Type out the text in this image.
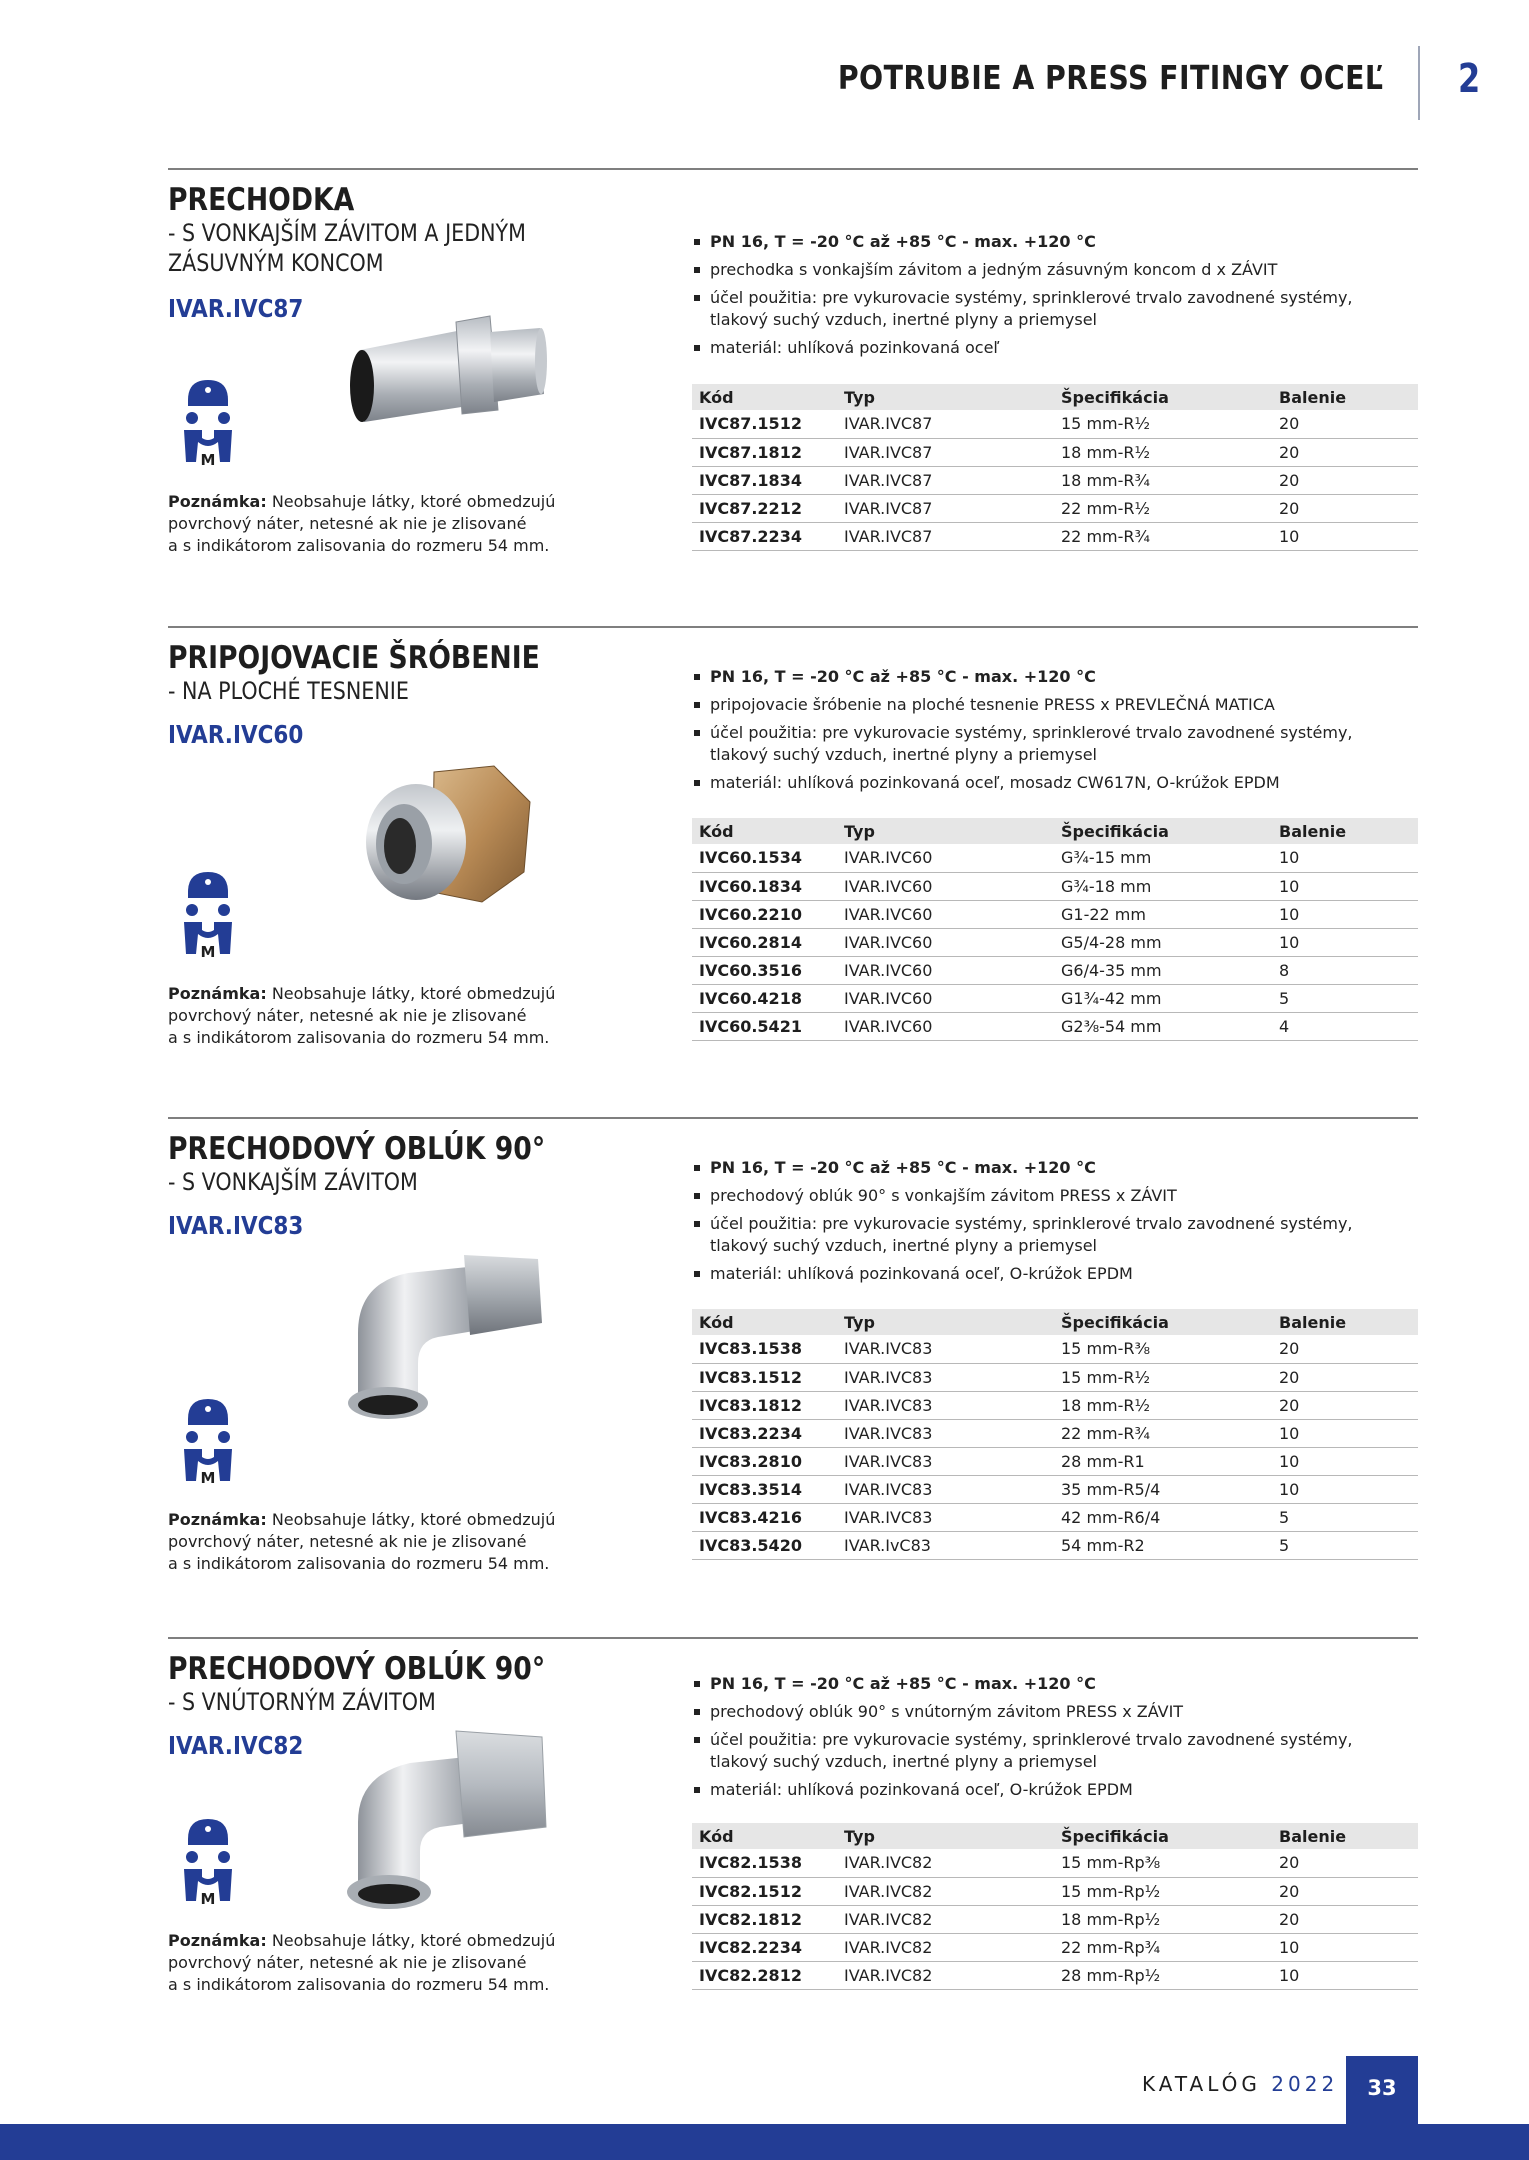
POTRUBIE A PRESS FITINGY OCEĽ 2
PRECHODKA
- S VONKAJŠÍM ZÁVITOM A JEDNÝM
ZÁSUVNÝM KONCOM
IVAR.IVC87
M
Poznámka: Neobsahuje látky, ktoré obmedzujú
povrchový náter, netesné ak nie je zlisované
a s indikátorom zalisovania do rozmeru 54 mm.
PN 16, T = -20 °C až +85 °C - max. +120 °C
prechodka s vonkajším závitom a jedným zásuvným koncom d x ZÁVIT
účel použitia: pre vykurovacie systémy, sprinklerové trvalo zavodnené systémy,
tlakový suchý vzduch, inertné plyny a priemysel
materiál: uhlíková pozinkovaná oceľ
Kód	Typ	Špecifikácia	Balenie
IVC87.1512	IVAR.IVC87	15 mm-R½	20
IVC87.1812	IVAR.IVC87	18 mm-R½	20
IVC87.1834	IVAR.IVC87	18 mm-R¾	20
IVC87.2212	IVAR.IVC87	22 mm-R½	20
IVC87.2234	IVAR.IVC87	22 mm-R¾	10
PRIPOJOVACIE ŠRÓBENIE
- NA PLOCHÉ TESNENIE
IVAR.IVC60
M
Poznámka: Neobsahuje látky, ktoré obmedzujú
povrchový náter, netesné ak nie je zlisované
a s indikátorom zalisovania do rozmeru 54 mm.
PN 16, T = -20 °C až +85 °C - max. +120 °C
pripojovacie šróbenie na ploché tesnenie PRESS x PREVLEČNÁ MATICA
účel použitia: pre vykurovacie systémy, sprinklerové trvalo zavodnené systémy,
tlakový suchý vzduch, inertné plyny a priemysel
materiál: uhlíková pozinkovaná oceľ, mosadz CW617N, O-krúžok EPDM
Kód	Typ	Špecifikácia	Balenie
IVC60.1534	IVAR.IVC60	G¾-15 mm	10
IVC60.1834	IVAR.IVC60	G¾-18 mm	10
IVC60.2210	IVAR.IVC60	G1-22 mm	10
IVC60.2814	IVAR.IVC60	G5/4-28 mm	10
IVC60.3516	IVAR.IVC60	G6/4-35 mm	8
IVC60.4218	IVAR.IVC60	G1¾-42 mm	5
IVC60.5421	IVAR.IVC60	G2⅜-54 mm	4
PRECHODOVÝ OBLÚK 90°
- S VONKAJŠÍM ZÁVITOM
IVAR.IVC83
M
Poznámka: Neobsahuje látky, ktoré obmedzujú
povrchový náter, netesné ak nie je zlisované
a s indikátorom zalisovania do rozmeru 54 mm.
PN 16, T = -20 °C až +85 °C - max. +120 °C
prechodový oblúk 90° s vonkajším závitom PRESS x ZÁVIT
účel použitia: pre vykurovacie systémy, sprinklerové trvalo zavodnené systémy,
tlakový suchý vzduch, inertné plyny a priemysel
materiál: uhlíková pozinkovaná oceľ, O-krúžok EPDM
Kód	Typ	Špecifikácia	Balenie
IVC83.1538	IVAR.IVC83	15 mm-R⅜	20
IVC83.1512	IVAR.IVC83	15 mm-R½	20
IVC83.1812	IVAR.IVC83	18 mm-R½	20
IVC83.2234	IVAR.IVC83	22 mm-R¾	10
IVC83.2810	IVAR.IVC83	28 mm-R1	10
IVC83.3514	IVAR.IVC83	35 mm-R5/4	10
IVC83.4216	IVAR.IVC83	42 mm-R6/4	5
IVC83.5420	IVAR.IvC83	54 mm-R2	5
PRECHODOVÝ OBLÚK 90°
- S VNÚTORNÝM ZÁVITOM
IVAR.IVC82
M
Poznámka: Neobsahuje látky, ktoré obmedzujú
povrchový náter, netesné ak nie je zlisované
a s indikátorom zalisovania do rozmeru 54 mm.
PN 16, T = -20 °C až +85 °C - max. +120 °C
prechodový oblúk 90° s vnútorným závitom PRESS x ZÁVIT
účel použitia: pre vykurovacie systémy, sprinklerové trvalo zavodnené systémy,
tlakový suchý vzduch, inertné plyny a priemysel
materiál: uhlíková pozinkovaná oceľ, O-krúžok EPDM
Kód	Typ	Špecifikácia	Balenie
IVC82.1538	IVAR.IVC82	15 mm-Rp⅜	20
IVC82.1512	IVAR.IVC82	15 mm-Rp½	20
IVC82.1812	IVAR.IVC82	18 mm-Rp½	20
IVC82.2234	IVAR.IVC82	22 mm-Rp¾	10
IVC82.2812	IVAR.IVC82	28 mm-Rp½	10
KATALÓG 2022	33
